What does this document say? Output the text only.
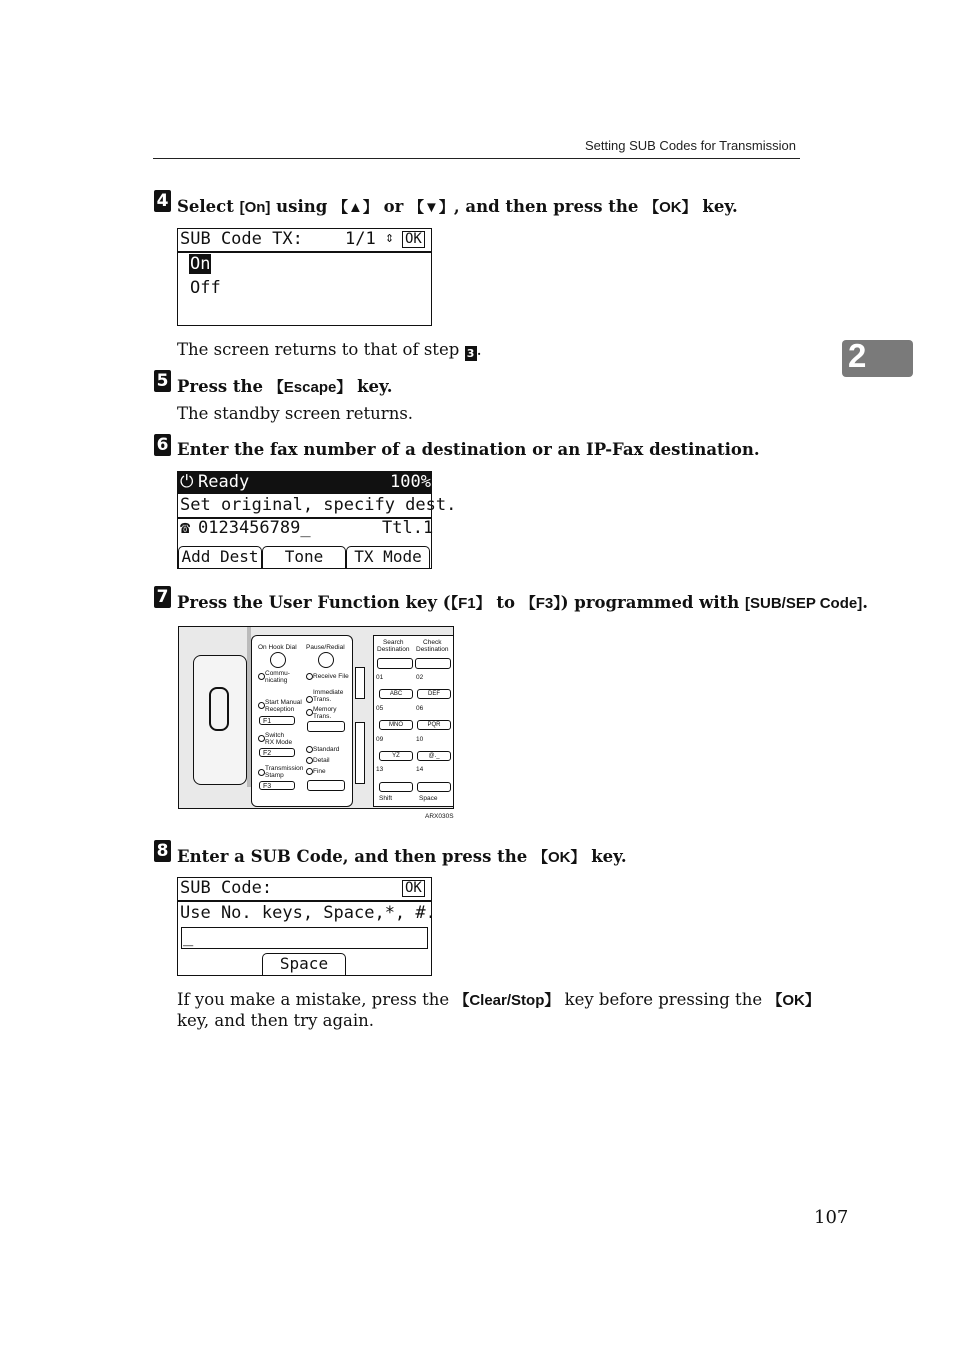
Setting SUB Codes for Transmission
2
4 Select [On] using 【▲】 or 【▼】, and then press the 【OK】 key.
SUB Code TX: 1/1 ⇕ OK
On
Off
The screen returns to that of step 3 .
5 Press the 【Escape】 key.
The standby screen returns.
6 Enter the fax number of a destination or an IP-Fax destination.
⏻ Ready	100%
Set original, specify dest.
☎ 0123456789_	Ttl.1
Add Dest	Tone	TX Mode
7 Press the User Function key (【F1】 to 【F3】) programmed with [SUB/SEP Code].
On Hook Dial Pause/Redial
Commu-
nicating
Receive File
Immediate
Trans.
Memory
Trans.
Start Manual
Reception
F1
Switch
RX Mode
F2
Transmission
Stamp
F3
Standard
Detail
Fine
Search
Destination
Check
Destination
01	02
ABC	DEF
05	06
MNO	PQR
09	10
YZ	@._
13	14
Shift	Space
ARX030S
8 Enter a SUB Code, and then press the 【OK】 key.
SUB Code:	OK
Use No. keys, Space,*, #.
_
Space
If you make a mistake, press the 【Clear/Stop】 key before pressing the 【OK】
key, and then try again.
107
